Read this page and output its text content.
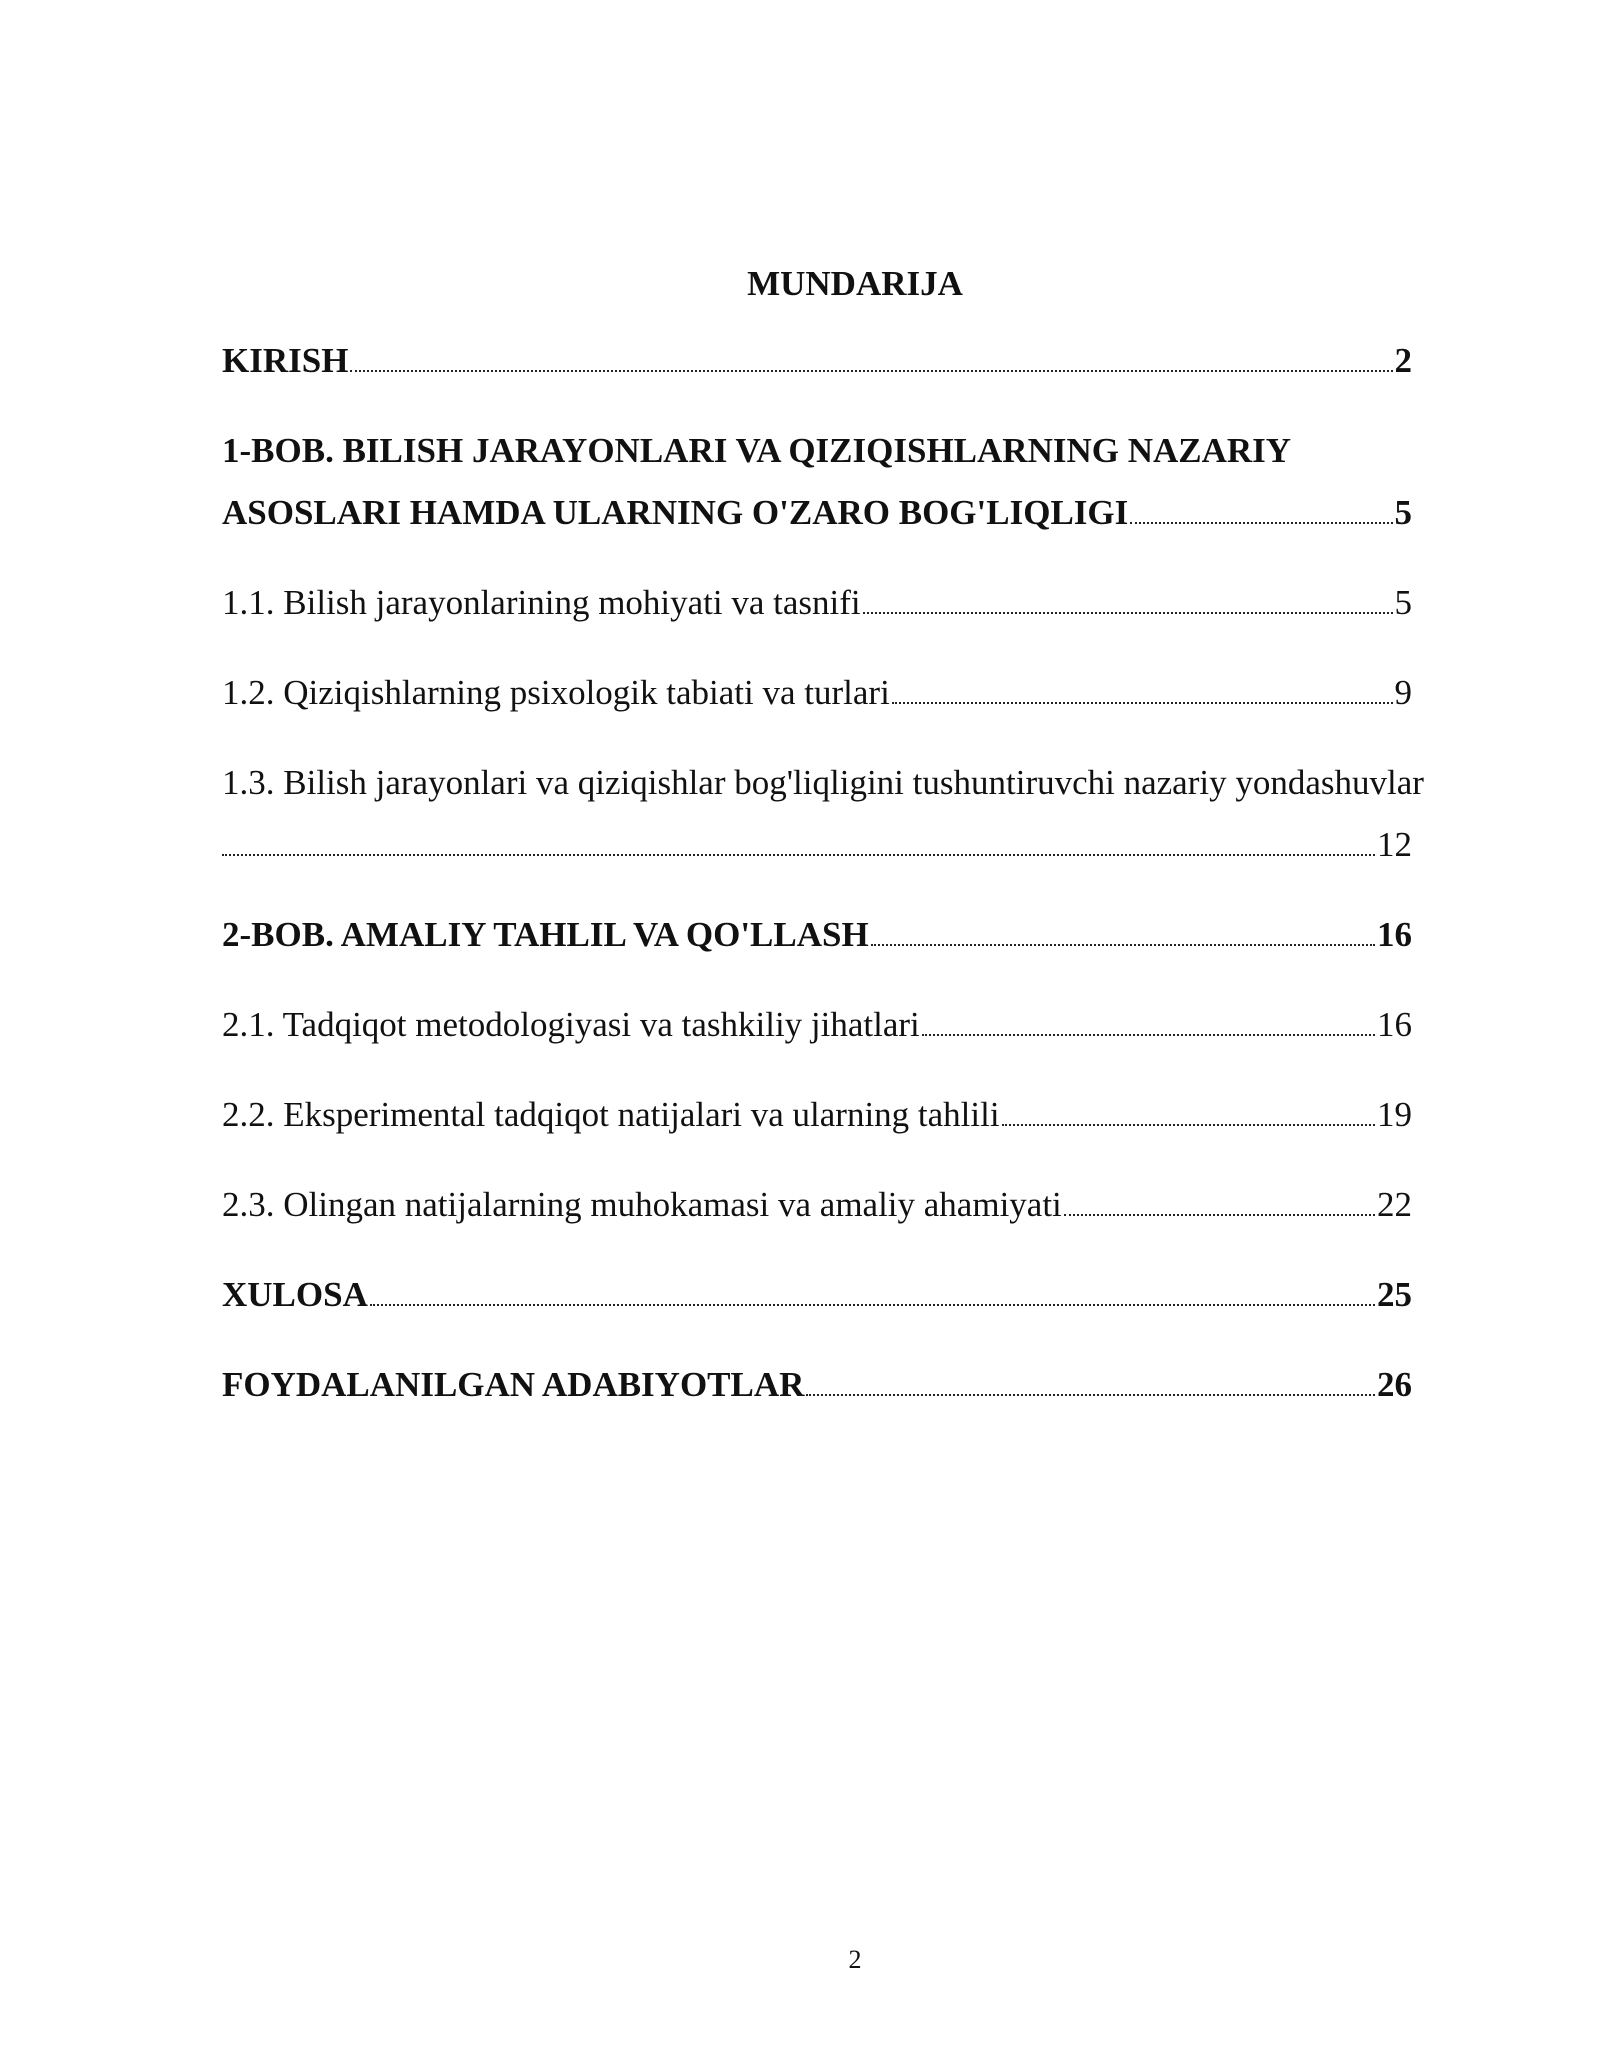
MUNDARIJA
KIRISH	2
1-BOB. BILISH JARAYONLARI VA QIZIQISHLARNING NAZARIY
ASOSLARI HAMDA ULARNING O'ZARO BOG'LIQLIGI	5
1.1. Bilish jarayonlarining mohiyati va tasnifi	5
1.2. Qiziqishlarning psixologik tabiati va turlari	9
1.3. Bilish jarayonlari va qiziqishlar bog'liqligini tushuntiruvchi nazariy yondashuvlar
12
2-BOB. AMALIY TAHLIL VA QO'LLASH	16
2.1. Tadqiqot metodologiyasi va tashkiliy jihatlari	16
2.2. Eksperimental tadqiqot natijalari va ularning tahlili	19
2.3. Olingan natijalarning muhokamasi va amaliy ahamiyati	22
XULOSA	25
FOYDALANILGAN ADABIYOTLAR	26
2
